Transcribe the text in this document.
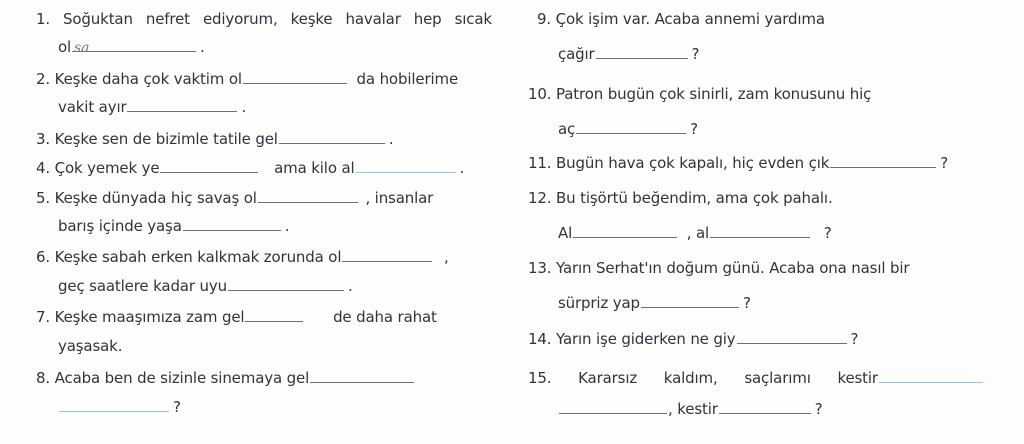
1. Soğuktan nefret ediyorum, keşke havalar hep sıcak
ol sa	.
2. Keşke daha çok vaktim ol	da hobilerime
vakit ayır	.
3. Keşke sen de bizimle tatile gel	.
4. Çok yemek ye	ama kilo al	.
5. Keşke dünyada hiç savaş ol	, insanlar
barış içinde yaşa	.
6. Keşke sabah erken kalkmak zorunda ol	,
geç saatlere kadar uyu	.
7. Keşke maaşımıza zam gel	de daha rahat
yaşasak.
8. Acaba ben de sizinle sinemaya gel
?
9. Çok işim var. Acaba annemi yardıma
çağır	?
10. Patron bugün çok sinirli, zam konusunu hiç
aç	?
11. Bugün hava çok kapalı, hiç evden çık	?
12. Bu tişörtü beğendim, ama çok pahalı.
Al	, al	?
13. Yarın Serhat'ın doğum günü. Acaba ona nasıl bir
sürpriz yap	?
14. Yarın işe giderken ne giy	?
15. Kararsız kaldım, saçlarımı kestir
, kestir	?
